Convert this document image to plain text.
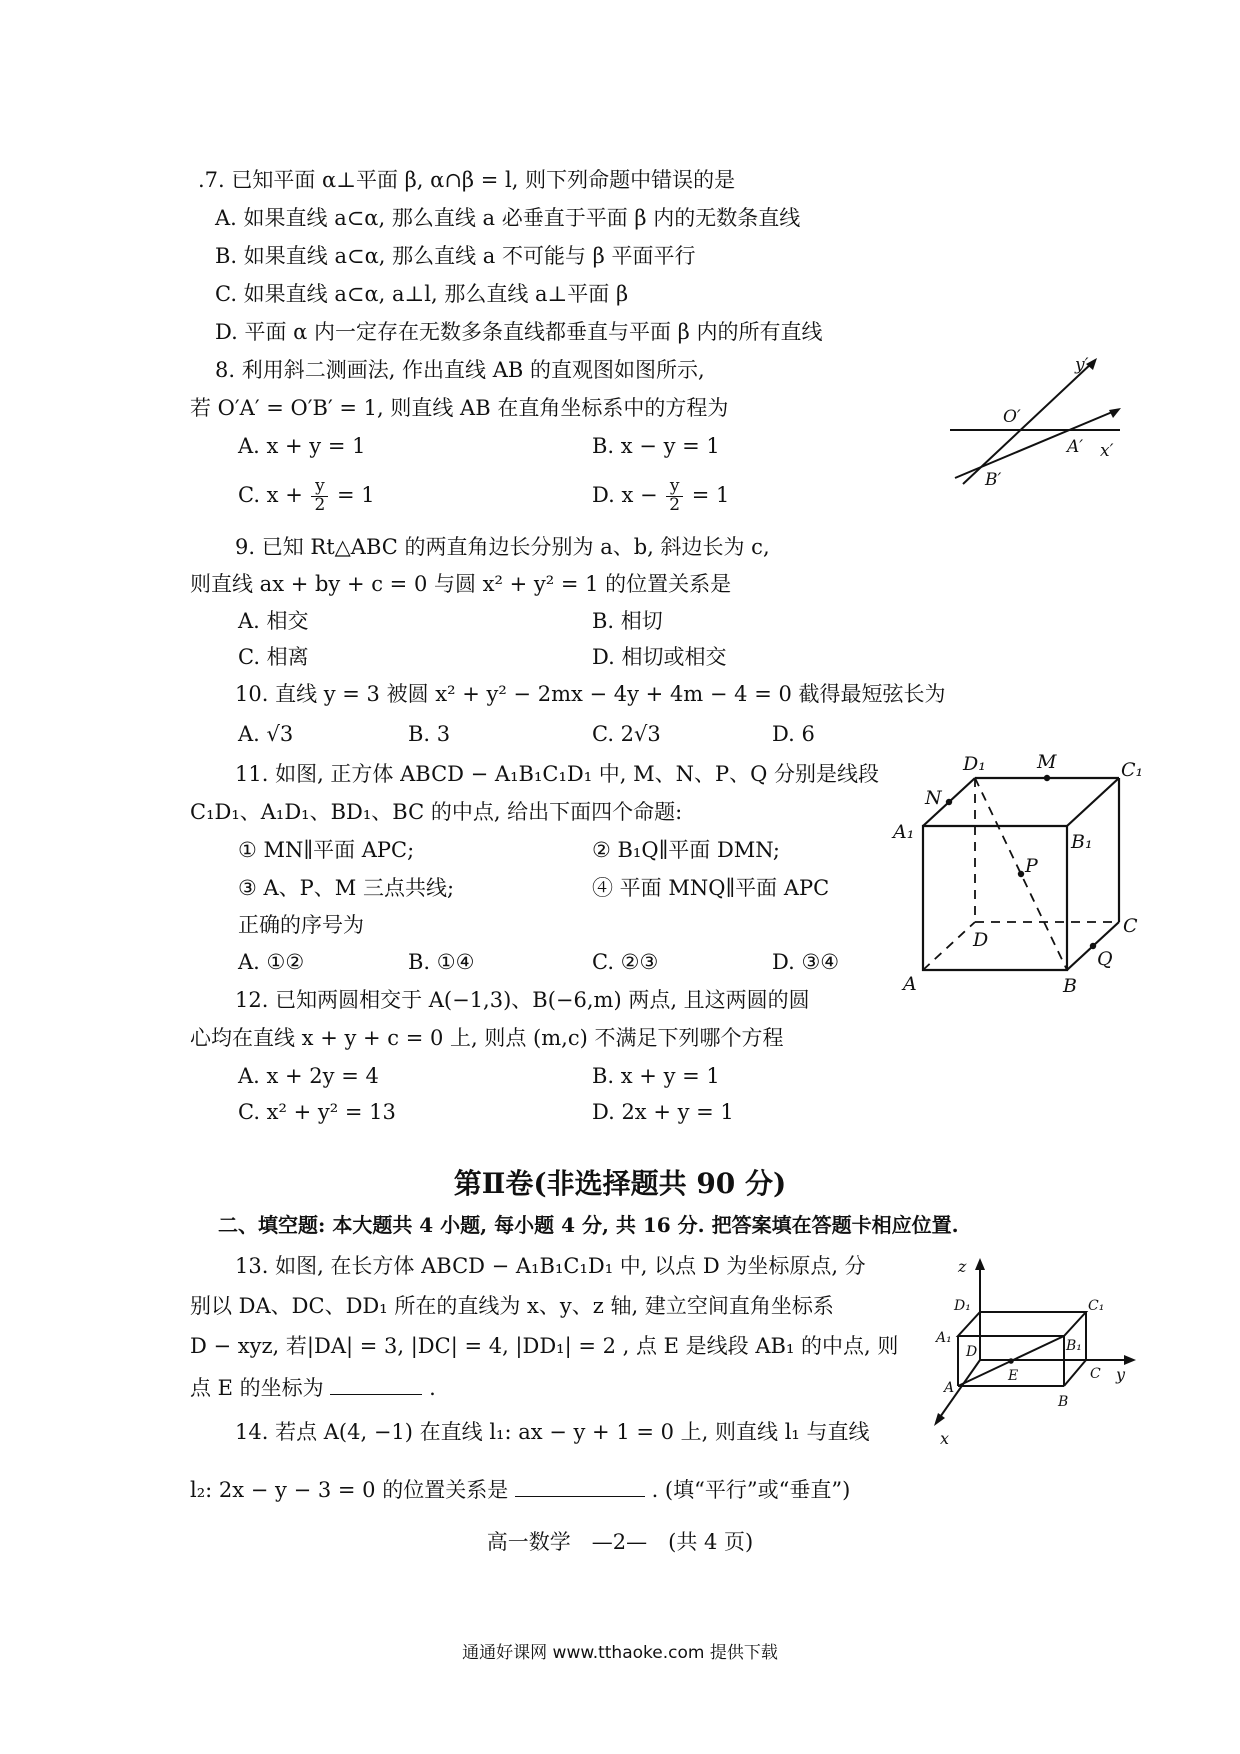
.7. 已知平面 α⊥平面 β, α∩β = l, 则下列命题中错误的是
A. 如果直线 a⊂α, 那么直线 a 必垂直于平面 β 内的无数条直线
B. 如果直线 a⊂α, 那么直线 a 不可能与 β 平面平行
C. 如果直线 a⊂α, a⊥l, 那么直线 a⊥平面 β
D. 平面 α 内一定存在无数多条直线都垂直与平面 β 内的所有直线
8. 利用斜二测画法, 作出直线 AB 的直观图如图所示,
若 O′A′ = O′B′ = 1, 则直线 AB 在直角坐标系中的方程为
A. x + y = 1	B. x − y = 1
C. $x + \frac{y}{2} = 1$	D. $x - \frac{y}{2} = 1$
y′
O′
A′ x′
B′
9. 已知 Rt△ABC 的两直角边长分别为 a、b, 斜边长为 c,
则直线 ax + by + c = 0 与圆 x² + y² = 1 的位置关系是
A. 相交	B. 相切
C. 相离	D. 相切或相交
10. 直线 y = 3 被圆 x² + y² − 2mx − 4y + 4m − 4 = 0 截得最短弦长为
A. √3	B. 3	C. 2√3	D. 6
11. 如图, 正方体 ABCD − A₁B₁C₁D₁ 中, M、N、P、Q 分别是线段
C₁D₁、A₁D₁、BD₁、BC 的中点, 给出下面四个命题:
① MN∥平面 APC;	② B₁Q∥平面 DMN;
③ A、P、M 三点共线;	④ 平面 MNQ∥平面 APC
正确的序号为
A. ①②	B. ①④	C. ②③	D. ③④
D₁	M	C₁
N
A₁	B₁
P
D
C
A	B
Q
12. 已知两圆相交于 A(−1,3)、B(−6,m) 两点, 且这两圆的圆
心均在直线 x + y + c = 0 上, 则点 (m,c) 不满足下列哪个方程
A. x + 2y = 4	B. x + y = 1
C. x² + y² = 13	D. 2x + y = 1
第Ⅱ卷(非选择题共 90 分)
二、填空题: 本大题共 4 小题, 每小题 4 分, 共 16 分. 把答案填在答题卡相应位置.
13. 如图, 在长方体 ABCD − A₁B₁C₁D₁ 中, 以点 D 为坐标原点, 分
别以 DA、DC、DD₁ 所在的直线为 x、y、z 轴, 建立空间直角坐标系
D − xyz, 若|DA| = 3, |DC| = 4, |DD₁| = 2 , 点 E 是线段 AB₁ 的中点, 则
点 E 的坐标为	.
z
D₁	C₁
A₁	B₁
D
E	C y
A
B
x
14. 若点 A(4, −1) 在直线 l₁: ax − y + 1 = 0 上, 则直线 l₁ 与直线
l₂: 2x − y − 3 = 0 的位置关系是	. (填“平行”或“垂直”)
高一数学　—2—　(共 4 页)
通通好课网 www.tthaoke.com 提供下载
